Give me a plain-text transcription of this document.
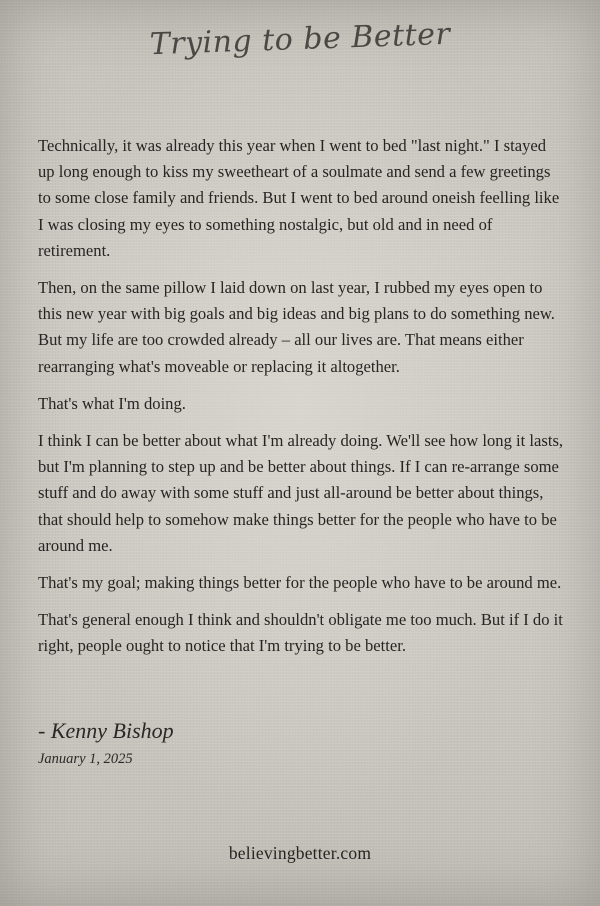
Trying to be Better

Technically, it was already this year when I went to bed "last night." I stayed up long enough to kiss my sweetheart of a soulmate and send a few greetings to some close family and friends. But I went to bed around oneish feelling like I was closing my eyes to something nostalgic, but old and in need of retirement.

Then, on the same pillow I laid down on last year, I rubbed my eyes open to this new year with big goals and big ideas and big plans to do something new. But my life are too crowded already – all our lives are. That means either rearranging what's moveable or replacing it altogether.

That's what I'm doing.

I think I can be better about what I'm already doing. We'll see how long it lasts, but I'm planning to step up and be better about things. If I can re-arrange some stuff and do away with some stuff and just all-around be better about things, that should help to somehow make things better for the people who have to be around me.

That's my goal; making things better for the people who have to be around me.

That's general enough I think and shouldn't obligate me too much. But if I do it right, people ought to notice that I'm trying to be better.

- Kenny Bishop
January 1, 2025
believingbetter.com
